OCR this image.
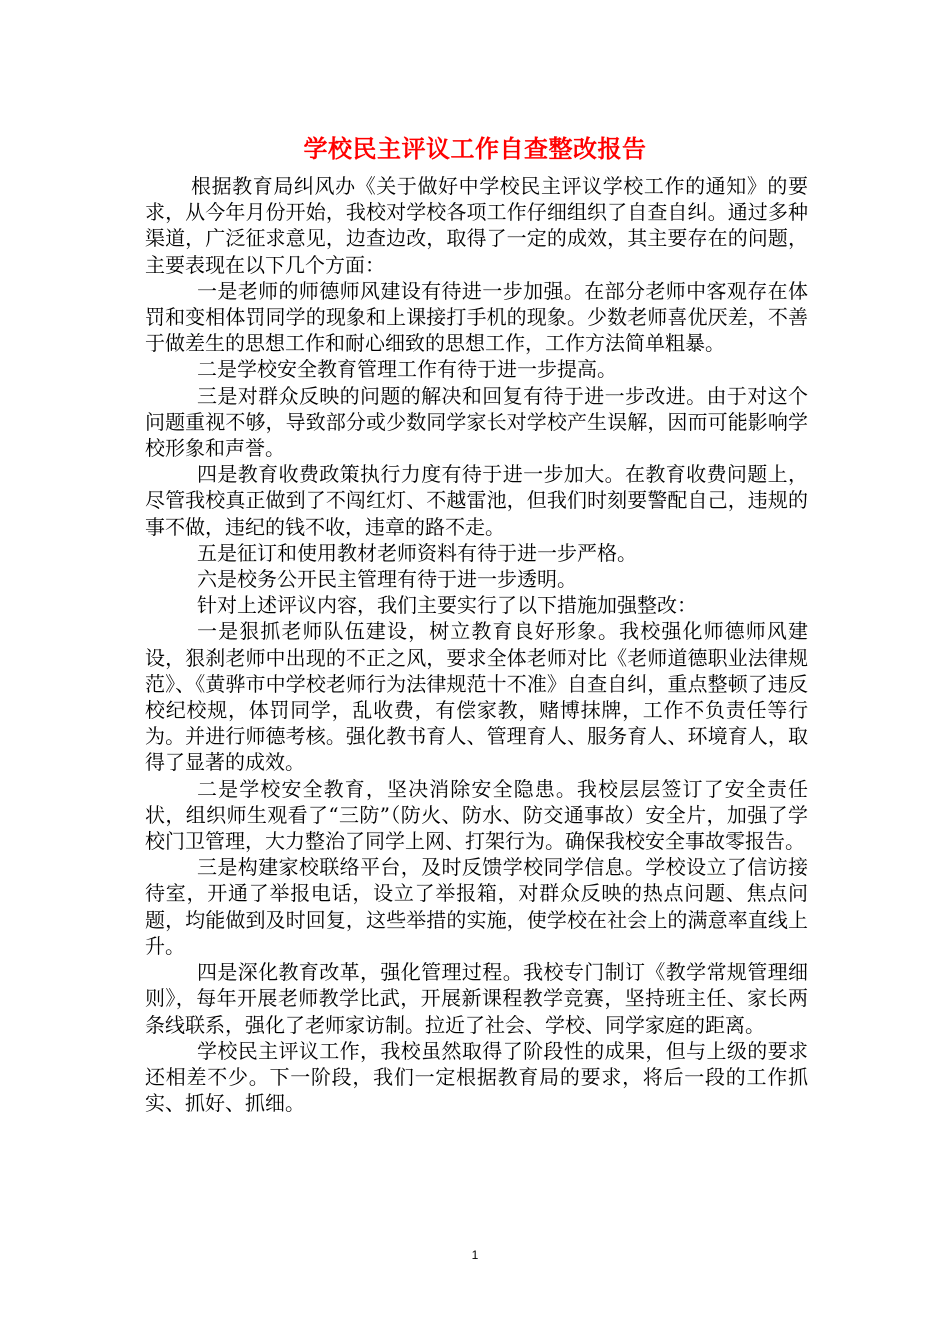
学校民主评议工作自查整改报告

根据教育局纠风办《关于做好中学校民主评议学校工作的通知》的要求，从今年月份开始，我校对学校各项工作仔细组织了自查自纠。通过多种渠道，广泛征求意见，边查边改，取得了一定的成效，其主要存在的问题，主要表现在以下几个方面：

一是老师的师德师风建设有待进一步加强。在部分老师中客观存在体罚和变相体罚同学的现象和上课接打手机的现象。少数老师喜优厌差，不善于做差生的思想工作和耐心细致的思想工作，工作方法简单粗暴。

二是学校安全教育管理工作有待于进一步提高。

三是对群众反映的问题的解决和回复有待于进一步改进。由于对这个问题重视不够，导致部分或少数同学家长对学校产生误解，因而可能影响学校形象和声誉。

四是教育收费政策执行力度有待于进一步加大。在教育收费问题上，尽管我校真正做到了不闯红灯、不越雷池，但我们时刻要警配自己，违规的事不做，违纪的钱不收，违章的路不走。

五是征订和使用教材老师资料有待于进一步严格。

六是校务公开民主管理有待于进一步透明。

针对上述评议内容，我们主要实行了以下措施加强整改：

一是狠抓老师队伍建设，树立教育良好形象。我校强化师德师风建设，狠刹老师中出现的不正之风，要求全体老师对比《老师道德职业法律规范》、《黄骅市中学校老师行为法律规范十不准》自查自纠，重点整顿了违反校纪校规，体罚同学，乱收费，有偿家教，赌博抹牌，工作不负责任等行为。并进行师德考核。强化教书育人、管理育人、服务育人、环境育人，取得了显著的成效。

二是学校安全教育，坚决消除安全隐患。我校层层签订了安全责任状，组织师生观看了“三防”（防火、防水、防交通事故）安全片，加强了学校门卫管理，大力整治了同学上网、打架行为。确保我校安全事故零报告。

三是构建家校联络平台，及时反馈学校同学信息。学校设立了信访接待室，开通了举报电话，设立了举报箱，对群众反映的热点问题、焦点问题，均能做到及时回复，这些举措的实施，使学校在社会上的满意率直线上升。

四是深化教育改革，强化管理过程。我校专门制订《教学常规管理细则》，每年开展老师教学比武，开展新课程教学竞赛，坚持班主任、家长两条线联系，强化了老师家访制。拉近了社会、学校、同学家庭的距离。

学校民主评议工作，我校虽然取得了阶段性的成果，但与上级的要求还相差不少。下一阶段，我们一定根据教育局的要求，将后一段的工作抓实、抓好、抓细。

1
